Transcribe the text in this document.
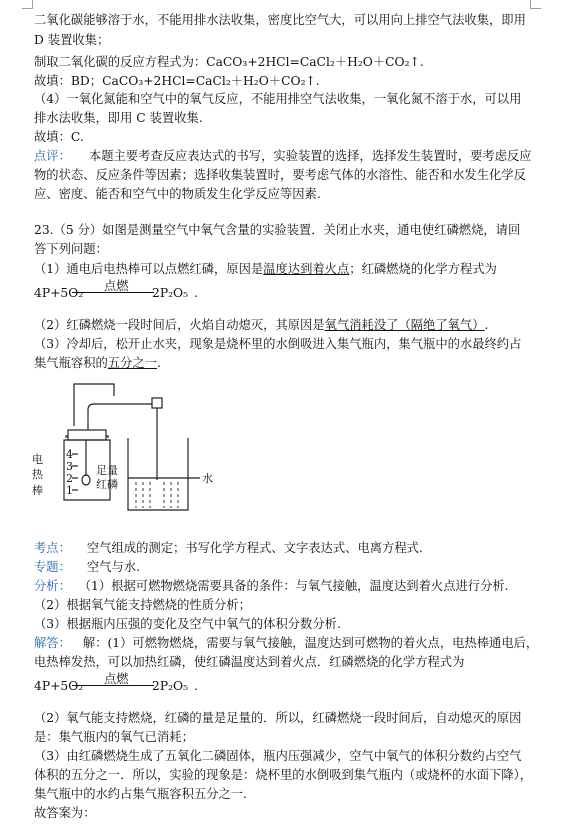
二氧化碳能够溶于水，不能用排水法收集，密度比空气大，可以用向上排空气法收集，即用
D 装置收集；
制取二氧化碳的反应方程式为：CaCO₃+2HCl=CaCl₂＋H₂O＋CO₂↑.
故填：BD；CaCO₃+2HCl=CaCl₂＋H₂O＋CO₂↑.
（4）一氧化氮能和空气中的氧气反应，不能用排空气法收集，一氧化氮不溶于水，可以用
排水法收集，即用 C 装置收集.
故填：C.
点评： 本题主要考查反应表达式的书写，实验装置的选择，选择发生装置时，要考虑反应
物的状态、反应条件等因素；选择收集装置时，要考虑气体的水溶性、能否和水发生化学反
应、密度、能否和空气中的物质发生化学反应等因素.
23.（5 分）如图是测量空气中氧气含量的实验装置．关闭止水夹，通电使红磷燃烧，请回
答下列问题：
（1）通电后电热棒可以点燃红磷，原因是温度达到着火点；红磷燃烧的化学方程式为
4P+5O₂ 点燃 2P₂O₅ .
（2）红磷燃烧一段时间后，火焰自动熄灭，其原因是氧气消耗没了（隔绝了氧气）.
（3）冷却后，松开止水夹，现象是烧杯里的水倒吸进入集气瓶内，集气瓶中的水最终约占
集气瓶容积的五分之一.
电
热
棒
4
3
2
1
足量
红磷	水
考点： 空气组成的测定；书写化学方程式、文字表达式、电离方程式.
专题： 空气与水.
分析： （1）根据可燃物燃烧需要具备的条件：与氧气接触，温度达到着火点进行分析.
（2）根据氧气能支持燃烧的性质分析；
（3）根据瓶内压强的变化及空气中氧气的体积分数分析.
解答： 解：(1）可燃物燃烧，需要与氧气接触，温度达到可燃物的着火点，电热棒通电后，
电热棒发热，可以加热红磷，使红磷温度达到着火点．红磷燃烧的化学方程式为
4P+5O₂ 点燃 2P₂O₅ .
（2）氧气能支持燃烧，红磷的量是足量的．所以，红磷燃烧一段时间后，自动熄灭的原因
是：集气瓶内的氧气已消耗；
（3）由红磷燃烧生成了五氧化二磷固体，瓶内压强减少，空气中氧气的体积分数约占空气
体积的五分之一．所以，实验的现象是：烧杯里的水倒吸到集气瓶内（或烧杯的水面下降），
集气瓶中的水约占集气瓶容积五分之一.
故答案为：
